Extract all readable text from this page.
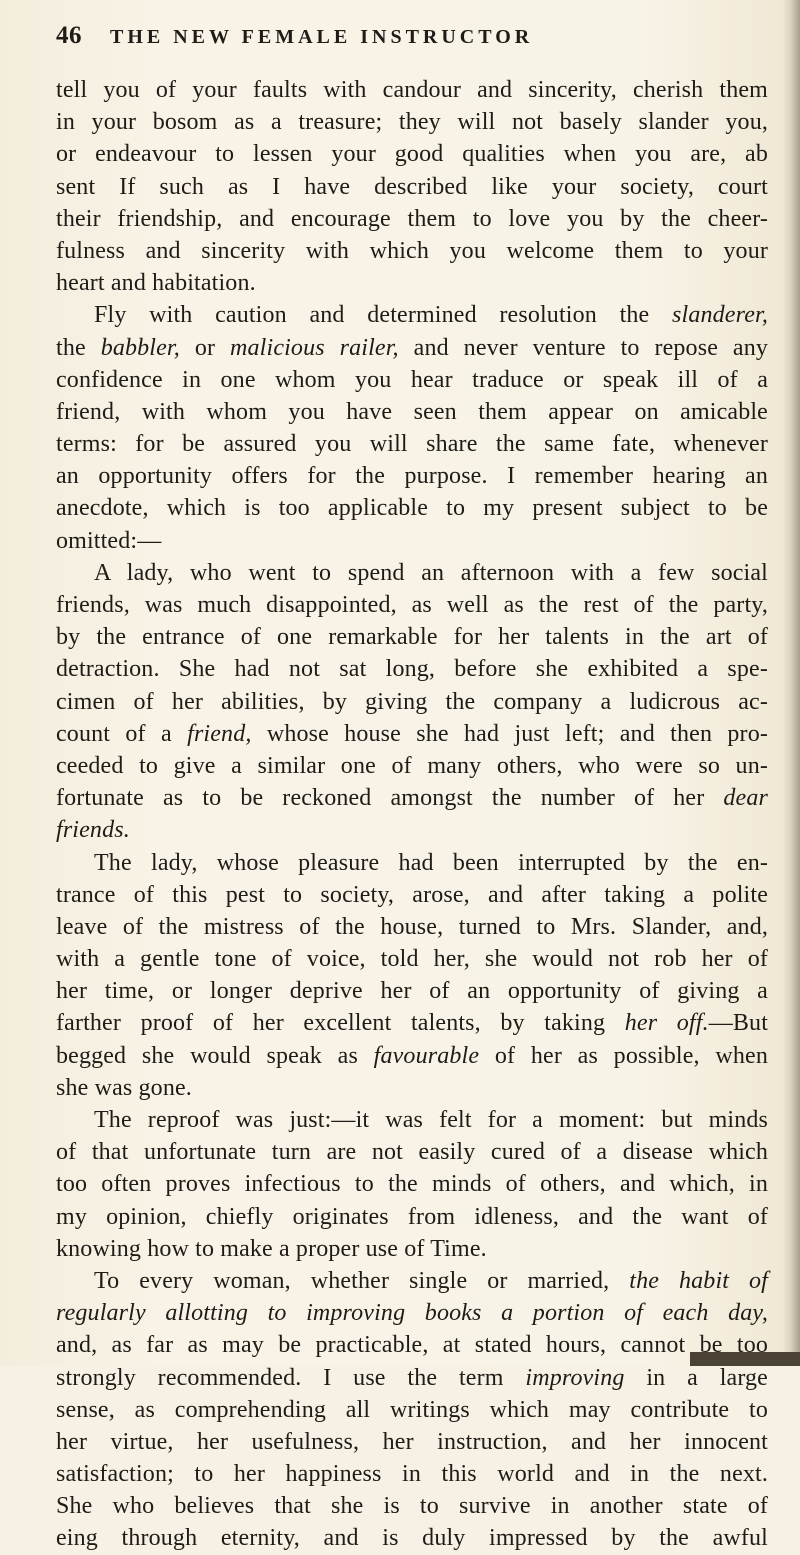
46 THE NEW FEMALE INSTRUCTOR
tell you of your faults with candour and sincerity, cherish them
in your bosom as a treasure; they will not basely slander you,
or endeavour to lessen your good qualities when you are, ab
sent If such as I have described like your society, court
their friendship, and encourage them to love you by the cheer-
fulness and sincerity with which you welcome them to your
heart and habitation.
Fly with caution and determined resolution the slanderer,
the babbler, or malicious railer, and never venture to repose any
confidence in one whom you hear traduce or speak ill of a
friend, with whom you have seen them appear on amicable
terms: for be assured you will share the same fate, whenever
an opportunity offers for the purpose. I remember hearing an
anecdote, which is too applicable to my present subject to be
omitted:—
A lady, who went to spend an afternoon with a few social
friends, was much disappointed, as well as the rest of the party,
by the entrance of one remarkable for her talents in the art of
detraction. She had not sat long, before she exhibited a spe-
cimen of her abilities, by giving the company a ludicrous ac-
count of a friend, whose house she had just left; and then pro-
ceeded to give a similar one of many others, who were so un-
fortunate as to be reckoned amongst the number of her dear
friends.
The lady, whose pleasure had been interrupted by the en-
trance of this pest to society, arose, and after taking a polite
leave of the mistress of the house, turned to Mrs. Slander, and,
with a gentle tone of voice, told her, she would not rob her of
her time, or longer deprive her of an opportunity of giving a
farther proof of her excellent talents, by taking her off.—But
begged she would speak as favourable of her as possible, when
she was gone.
The reproof was just:—it was felt for a moment: but minds
of that unfortunate turn are not easily cured of a disease which
too often proves infectious to the minds of others, and which, in
my opinion, chiefly originates from idleness, and the want of
knowing how to make a proper use of Time.
To every woman, whether single or married, the habit of
regularly allotting to improving books a portion of each day,
and, as far as may be practicable, at stated hours, cannot be too
strongly recommended. I use the term improving in a large
sense, as comprehending all writings which may contribute to
her virtue, her usefulness, her instruction, and her innocent
satisfaction; to her happiness in this world and in the next.
She who believes that she is to survive in another state of
eing through eternity, and is duly impressed by the awful
